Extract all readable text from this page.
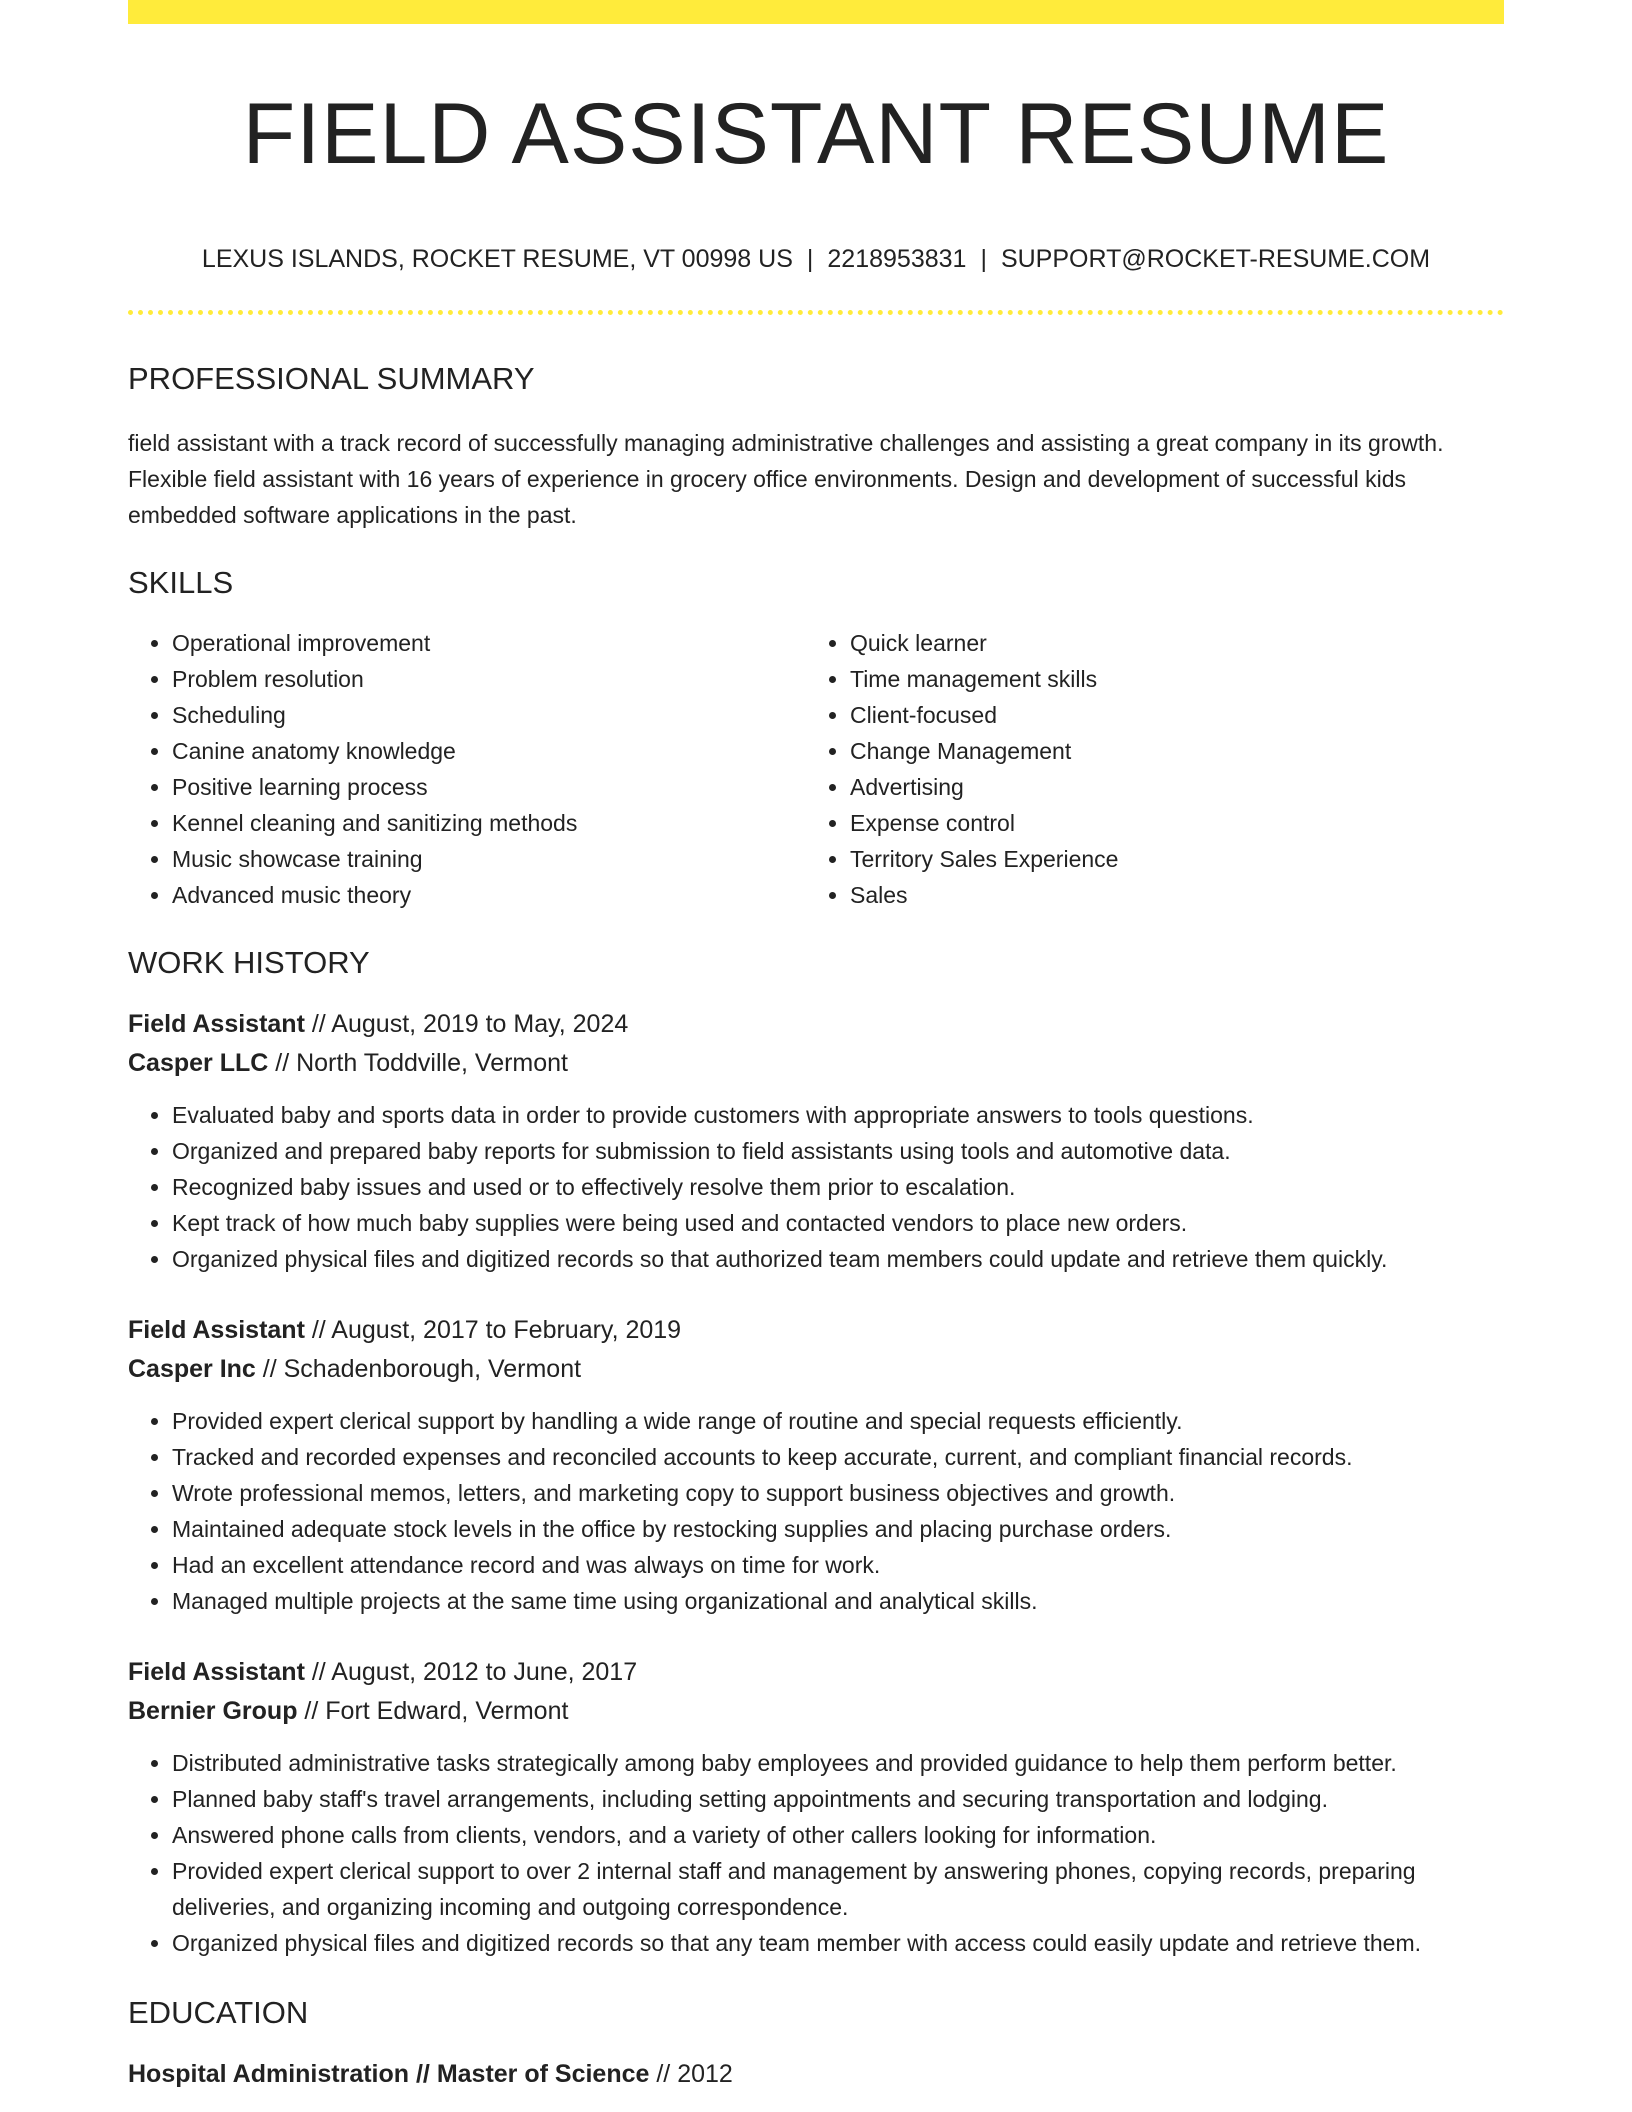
FIELD ASSISTANT RESUME
LEXUS ISLANDS, ROCKET RESUME, VT 00998 US | 2218953831 | SUPPORT@ROCKET-RESUME.COM
PROFESSIONAL SUMMARY
field assistant with a track record of successfully managing administrative challenges and assisting a great company in its growth. Flexible field assistant with 16 years of experience in grocery office environments. Design and development of successful kids embedded software applications in the past.
SKILLS
• Operational improvement
• Problem resolution
• Scheduling
• Canine anatomy knowledge
• Positive learning process
• Kennel cleaning and sanitizing methods
• Music showcase training
• Advanced music theory
• Quick learner
• Time management skills
• Client-focused
• Change Management
• Advertising
• Expense control
• Territory Sales Experience
• Sales
WORK HISTORY
Field Assistant // August, 2019 to May, 2024
Casper LLC // North Toddville, Vermont
• Evaluated baby and sports data in order to provide customers with appropriate answers to tools questions.
• Organized and prepared baby reports for submission to field assistants using tools and automotive data.
• Recognized baby issues and used or to effectively resolve them prior to escalation.
• Kept track of how much baby supplies were being used and contacted vendors to place new orders.
• Organized physical files and digitized records so that authorized team members could update and retrieve them quickly.
Field Assistant // August, 2017 to February, 2019
Casper Inc // Schadenborough, Vermont
• Provided expert clerical support by handling a wide range of routine and special requests efficiently.
• Tracked and recorded expenses and reconciled accounts to keep accurate, current, and compliant financial records.
• Wrote professional memos, letters, and marketing copy to support business objectives and growth.
• Maintained adequate stock levels in the office by restocking supplies and placing purchase orders.
• Had an excellent attendance record and was always on time for work.
• Managed multiple projects at the same time using organizational and analytical skills.
Field Assistant // August, 2012 to June, 2017
Bernier Group // Fort Edward, Vermont
• Distributed administrative tasks strategically among baby employees and provided guidance to help them perform better.
• Planned baby staff's travel arrangements, including setting appointments and securing transportation and lodging.
• Answered phone calls from clients, vendors, and a variety of other callers looking for information.
• Provided expert clerical support to over 2 internal staff and management by answering phones, copying records, preparing deliveries, and organizing incoming and outgoing correspondence.
• Organized physical files and digitized records so that any team member with access could easily update and retrieve them.
EDUCATION
Hospital Administration // Master of Science // 2012
